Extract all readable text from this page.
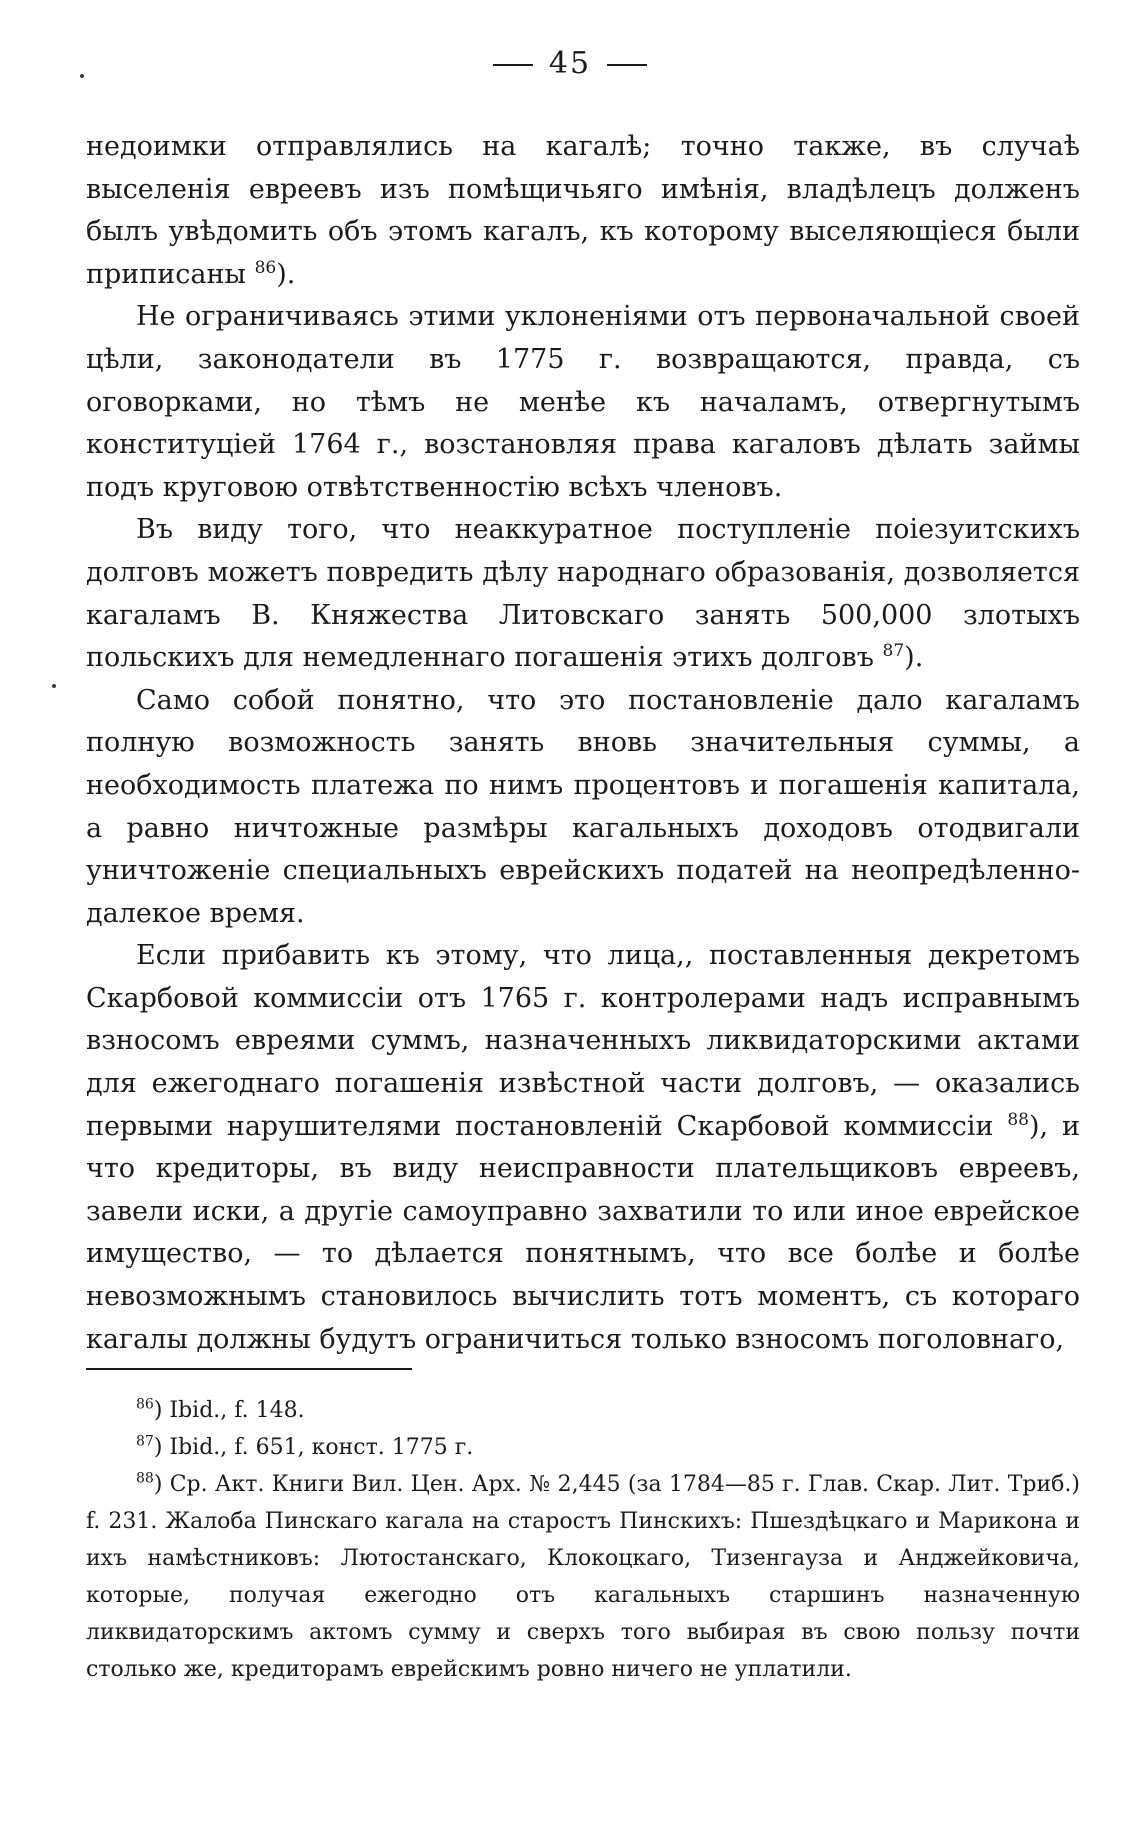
45

недоимки отправлялись на кагалѣ; точно также, въ случаѣ выселенія евреевъ изъ помѣщичьяго имѣнія, владѣлецъ долженъ былъ увѣдомить объ этомъ кагалъ, къ которому выселяющіеся были приписаны $^{86}$).

Не ограничиваясь этими уклоненіями отъ первоначальной своей цѣли, законодатели въ 1775 г. возвращаются, правда, съ оговорками, но тѣмъ не менѣе къ началамъ, отвергнутымъ конституціей 1764 г., возстановляя права кагаловъ дѣлать займы подъ круговою отвѣтственностію всѣхъ членовъ.

Въ виду того, что неаккуратное поступленіе поіезуитскихъ долговъ можетъ повредить дѣлу народнаго образованія, дозволяется кагаламъ В. Княжества Литовскаго занять 500,000 злотыхъ польскихъ для немедленнаго погашенія этихъ долговъ $^{87}$).

Само собой понятно, что это постановленіе дало кагаламъ полную возможность занять вновь значительныя суммы, а необходимость платежа по нимъ процентовъ и погашенія капитала, а равно ничтожные размѣры кагальныхъ доходовъ отодвигали уничтоженіе специальныхъ еврейскихъ податей на неопредѣленно-далекое время.

Если прибавить къ этому, что лица,, поставленныя декретомъ Скарбовой коммиссіи отъ 1765 г. контролерами надъ исправнымъ взносомъ евреями суммъ, назначенныхъ ликвидаторскими актами для ежегоднаго погашенія извѣстной части долговъ, — оказались первыми нарушителями постановленій Скарбовой коммиссіи $^{88}$), и что кредиторы, въ виду неисправности плательщиковъ евреевъ, завели иски, а другіе самоуправно захватили то или иное еврейское имущество, — то дѣлается понятнымъ, что все болѣе и болѣе невозможнымъ становилось вычислить тотъ моментъ, съ котораго кагалы должны будутъ ограничиться только взносомъ поголовнаго,

$^{86}$) Ibid., f. 148.

$^{87}$) Ibid., f. 651, конст. 1775 г.

$^{88}$) Ср. Акт. Книги Вил. Цен. Арх. № 2,445 (за 1784—85 г. Глав. Скар. Лит. Триб.) f. 231. Жалоба Пинскаго кагала на старостъ Пинскихъ: Пшездѣцкаго и Марикона и ихъ намѣстниковъ: Лютостанскаго, Клокоцкаго, Тизенгауза и Анджейковича, которые, получая ежегодно отъ кагальныхъ старшинъ назначенную ликвидаторскимъ актомъ сумму и сверхъ того выбирая въ свою пользу почти столько же, кредиторамъ еврейскимъ ровно ничего не уплатили.
